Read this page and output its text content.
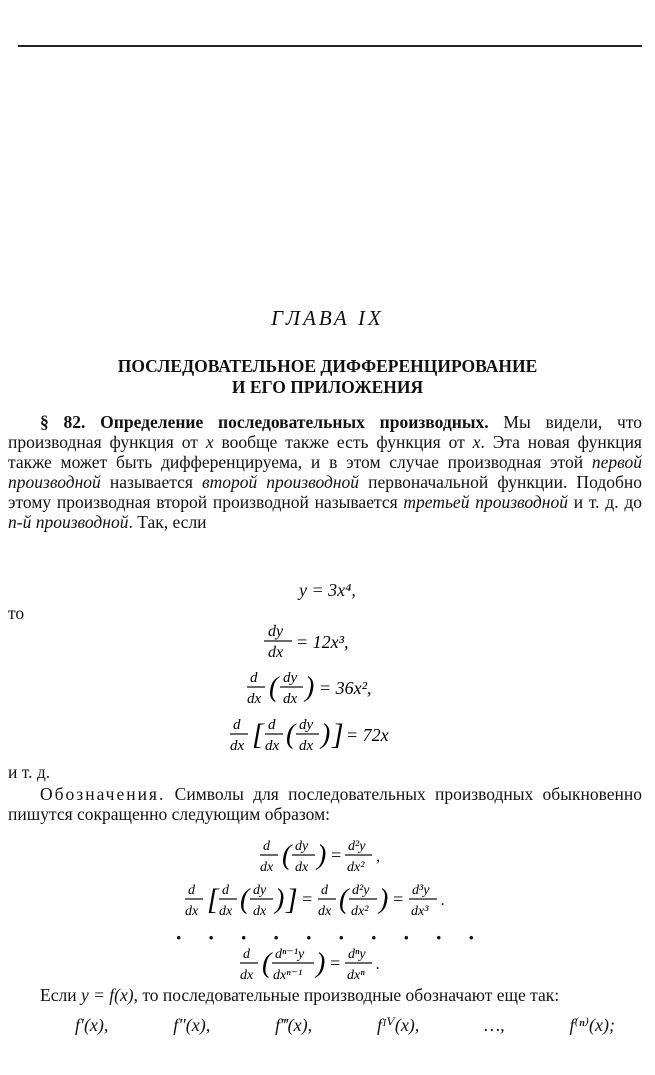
ГЛАВА IX
ПОСЛЕДОВАТЕЛЬНОЕ ДИФФЕРЕНЦИРОВАНИЕ
И ЕГО ПРИЛОЖЕНИЯ

§ 82. Определение последовательных производных. Мы видели, что производная функция от x вообще также есть функция от x. Эта новая функция также может быть дифференцируема, и в этом случае производная этой первой производной называется второй производной первоначальной функции. Подобно этому производная второй производной называется третьей производной и т. д. до n-й производной. Так, если

y = 3x⁴,
то
dy
dx
= 12x³,
d
dx ( dy
dx ) = 36x²,
d
dx [ d
dx ( dy
dx ) ] = 72x
и т. д.

Обозначения. Символы для последовательных производных обыкновенно пишутся сокращенно следующим образом:

d
dx ( dy
dx ) = d²y
dx²
,
d
dx [ d
dx ( dy
dx ) ] = d
dx ( d²y
dx² ) = d³y
dx³
.
· · · · · · · · · ·
d
dx ( dⁿ⁻¹y
dxⁿ⁻¹ ) = dⁿy
dxⁿ
.

Если y = f(x), то последовательные производные обозначают еще так:

f′(x),	f″(x),	f‴(x),	fᴵⱽ(x),	…,	f⁽ⁿ⁾(x);
